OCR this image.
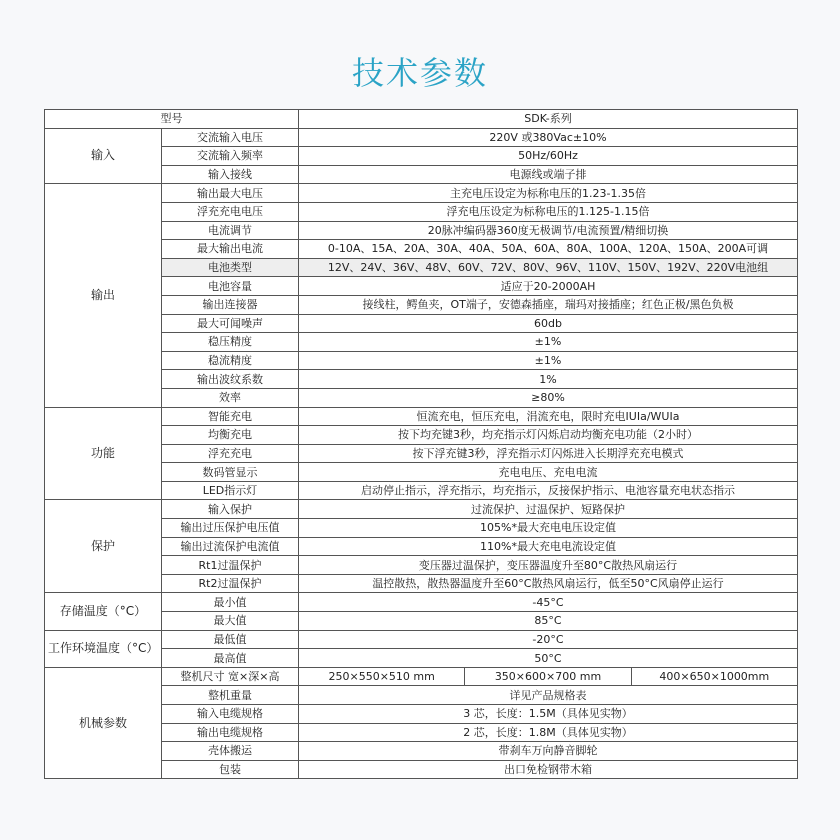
技术参数
型号		SDK-系列
输入	交流输入电压	220V 或380Vac±10%
	交流输入频率	50Hz/60Hz
	输入接线	电源线或端子排
输出	输出最大电压	主充电压设定为标称电压的1.23-1.35倍
	浮充充电电压	浮充电压设定为标称电压的1.125-1.15倍
	电流调节	20脉冲编码器360度无极调节/电流预置/精细切换
	最大输出电流	0-10A、15A、20A、30A、40A、50A、60A、80A、100A、120A、150A、200A可调
	电池类型	12V、24V、36V、48V、60V、72V、80V、96V、110V、150V、192V、220V电池组
	电池容量	适应于20-2000AH
	输出连接器	接线柱，鳄鱼夹，OT端子，安德森插座，瑞玛对接插座；红色正极/黑色负极
	最大可闻噪声	60db
	稳压精度	±1%
	稳流精度	±1%
	输出波纹系数	1%
	效率	≥80%
功能	智能充电	恒流充电，恒压充电，涓流充电，限时充电IUIa/WUIa
	均衡充电	按下均充键3秒，均充指示灯闪烁启动均衡充电功能（2小时）
	浮充充电	按下浮充键3秒，浮充指示灯闪烁进入长期浮充充电模式
	数码管显示	充电电压、充电电流
	LED指示灯	启动停止指示，浮充指示，均充指示，反接保护指示、电池容量充电状态指示
保护	输入保护	过流保护、过温保护、短路保护
	输出过压保护电压值	105%*最大充电电压设定值
	输出过流保护电流值	110%*最大充电电流设定值
	Rt1过温保护	变压器过温保护，变压器温度升至80°C散热风扇运行
	Rt2过温保护	温控散热，散热器温度升至60°C散热风扇运行，低至50°C风扇停止运行
存储温度（°C）	最小值	-45°C
	最大值	85°C
工作环境温度（°C）	最低值	-20°C
	最高值	50°C
机械参数	整机尺寸 宽×深×高	250×550×510 mm 350×600×700 mm 400×650×1000mm

	整机重量	详见产品规格表
	输入电缆规格	3 芯，长度：1.5M（具体见实物）
	输出电缆规格	2 芯，长度：1.8M（具体见实物）
	壳体搬运	带刹车万向静音脚轮
	包装	出口免检钢带木箱
